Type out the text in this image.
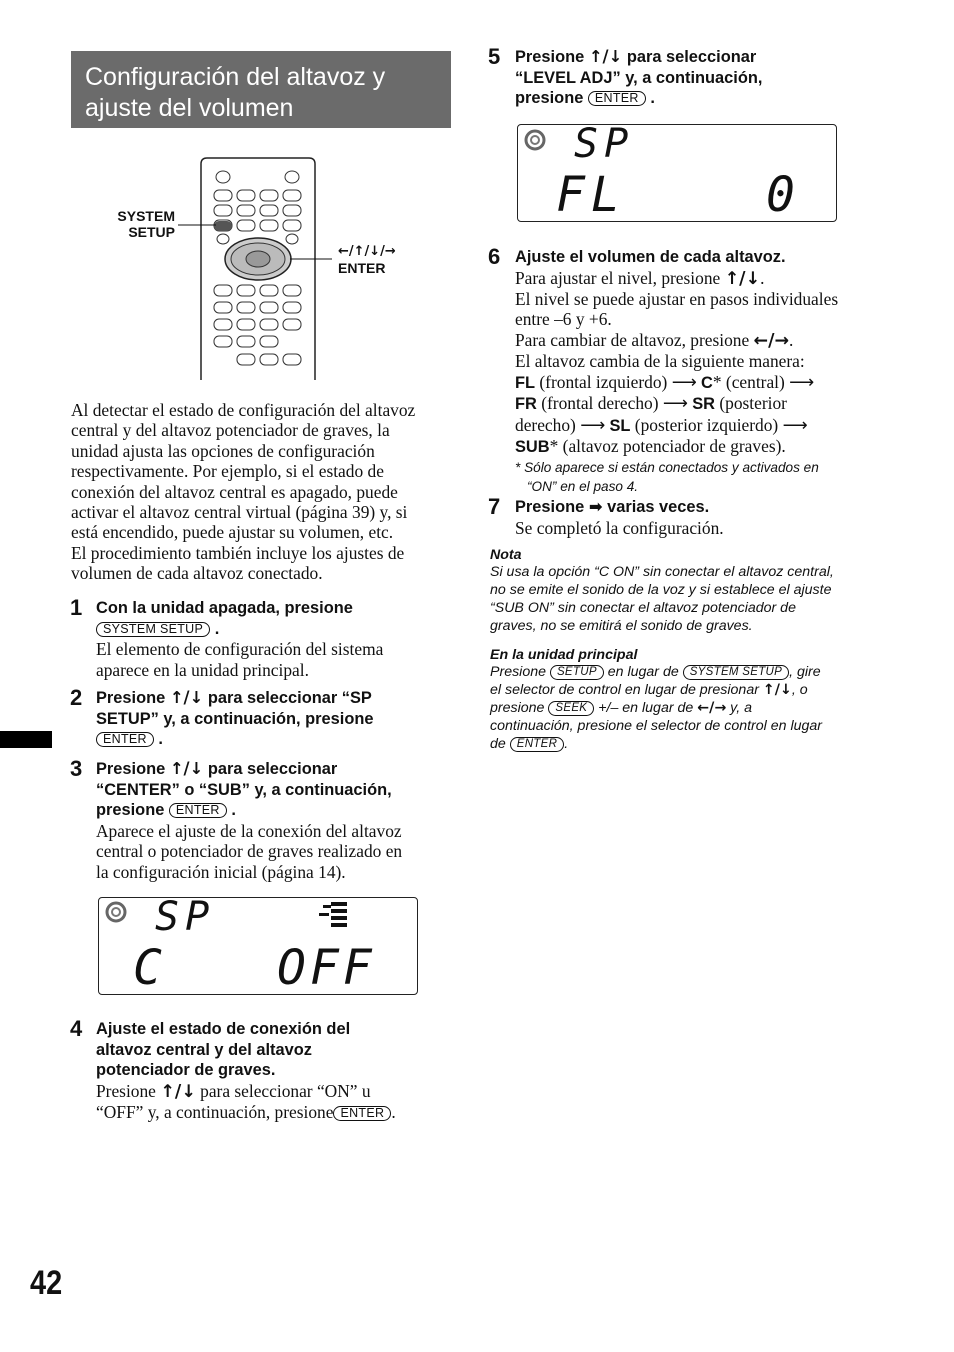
Configuración del altavoz y
ajuste del volumen
SYSTEM
SETUP
←/↑/↓/→
ENTER
Al detectar el estado de configuración del altavoz
central y del altavoz potenciador de graves, la
unidad ajusta las opciones de configuración
respectivamente. Por ejemplo, si el estado de
conexión del altavoz central es apagado, puede
activar el altavoz central virtual (página 39) y, si
está encendido, puede ajustar su volumen, etc.
El procedimiento también incluye los ajustes de
volumen de cada altavoz conectado.
1 Con la unidad apagada, presione
SYSTEM SETUP .
El elemento de configuración del sistema
aparece en la unidad principal.
2 Presione ↑/↓ para seleccionar “SP
SETUP” y, a continuación, presione
ENTER .
3 Presione ↑/↓ para seleccionar
“CENTER” o “SUB” y, a continuación,
presione ENTER .
Aparece el ajuste de la conexión del altavoz
central o potenciador de graves realizado en
la configuración inicial (página 14).
SP
C OFF
4 Ajuste el estado de conexión del
altavoz central y del altavoz
potenciador de graves.
Presione ↑/↓ para seleccionar “ON” u
“OFF” y, a continuación, presione ENTER .
5 Presione ↑/↓ para seleccionar
“LEVEL ADJ” y, a continuación,
presione ENTER .
SP
FL	0
6 Ajuste el volumen de cada altavoz.
Para ajustar el nivel, presione ↑/↓.
El nivel se puede ajustar en pasos individuales
entre –6 y +6.
Para cambiar de altavoz, presione ←/→.
El altavoz cambia de la siguiente manera:
FL (frontal izquierdo) ⟶ C* (central) ⟶
FR (frontal derecho) ⟶ SR (posterior
derecho) ⟶ SL (posterior izquierdo) ⟶
SUB* (altavoz potenciador de graves).
* Sólo aparece si están conectados y activados en
“ON” en el paso 4.
7 Presione ➡ varias veces.
Se completó la configuración.
Nota
Si usa la opción “C ON” sin conectar el altavoz central,
no se emite el sonido de la voz y si establece el ajuste
“SUB ON” sin conectar el altavoz potenciador de
graves, no se emitirá el sonido de graves.
En la unidad principal
Presione SETUP en lugar de SYSTEM SETUP , gire
el selector de control en lugar de presionar ↑/↓, o
presione SEEK +/– en lugar de ←/→ y, a
continuación, presione el selector de control en lugar
de ENTER .
42
